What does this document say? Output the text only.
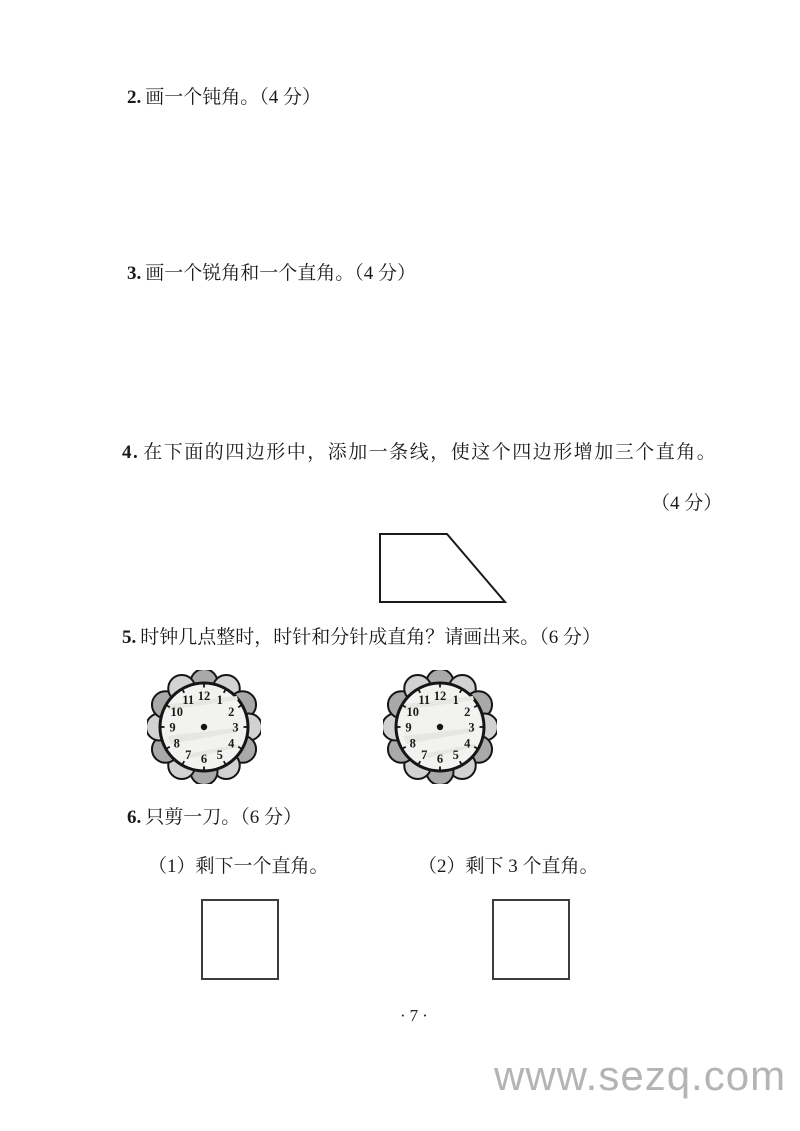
2. 画一个钝角。（4 分）
3. 画一个锐角和一个直角。（4 分）
4. 在下面的四边形中，添加一条线，使这个四边形增加三个直角。
（4 分）
5. 时钟几点整时，时针和分针成直角？请画出来。（6 分）
12 1
2
3
4
5
6
7
8
9
10
11	12 1
2
3
4
5
6
7
8
9
10
11
6. 只剪一刀。（6 分）
（1）剩下一个直角。	（2）剩下 3 个直角。
·7·
www.sezq.com
